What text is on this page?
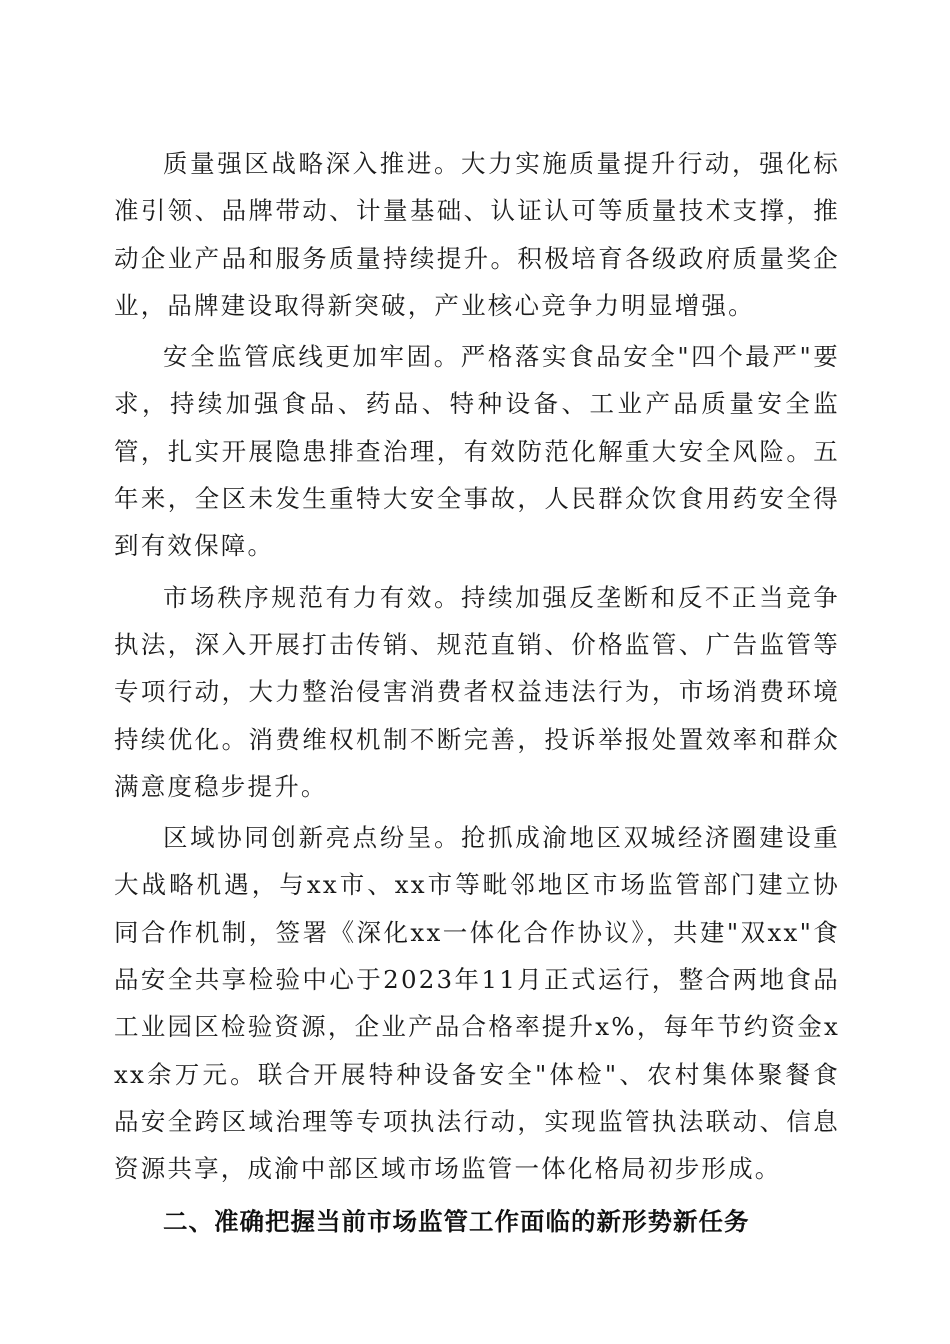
质量强区战略深入推进。大力实施质量提升行动，强化标准引领、品牌带动、计量基础、认证认可等质量技术支撑，推动企业产品和服务质量持续提升。积极培育各级政府质量奖企业，品牌建设取得新突破，产业核心竞争力明显增强。

安全监管底线更加牢固。严格落实食品安全"四个最严"要求，持续加强食品、药品、特种设备、工业产品质量安全监管，扎实开展隐患排查治理，有效防范化解重大安全风险。五年来，全区未发生重特大安全事故，人民群众饮食用药安全得到有效保障。

市场秩序规范有力有效。持续加强反垄断和反不正当竞争执法，深入开展打击传销、规范直销、价格监管、广告监管等专项行动，大力整治侵害消费者权益违法行为，市场消费环境持续优化。消费维权机制不断完善，投诉举报处置效率和群众满意度稳步提升。

区域协同创新亮点纷呈。抢抓成渝地区双城经济圈建设重大战略机遇，与xx市、xx市等毗邻地区市场监管部门建立协同合作机制，签署《深化xx一体化合作协议》，共建"双xx"食品安全共享检验中心于2023年11月正式运行，整合两地食品工业园区检验资源，企业产品合格率提升x%，每年节约资金xxx余万元。联合开展特种设备安全"体检"、农村集体聚餐食品安全跨区域治理等专项执法行动，实现监管执法联动、信息资源共享，成渝中部区域市场监管一体化格局初步形成。

二、准确把握当前市场监管工作面临的新形势新任务
